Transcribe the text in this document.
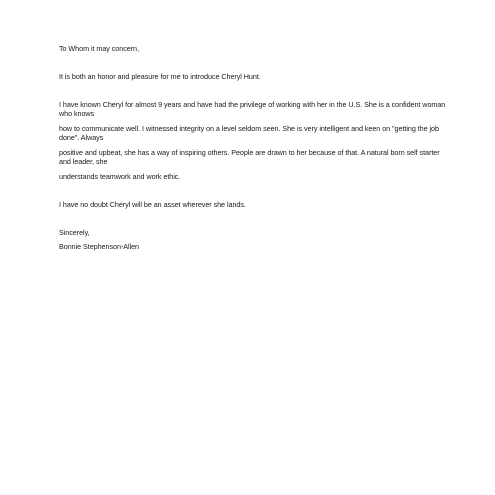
To Whom it may concern,
It is both an honor and pleasure for me to introduce Cheryl Hunt.
I have known Cheryl for almost 9 years and have had the privilege of working with her in the U.S. She is a confident woman who knows
how to communicate well. I witnessed integrity on a level seldom seen. She is very intelligent and keen on "getting the job done". Always
positive and upbeat, she has a way of inspiring others. People are drawn to her because of that. A natural born self starter and leader, she
understands teamwork and work ethic.
I have no doubt Cheryl will be an asset wherever she lands.
Sincerely,
Bonnie Stephenson-Allen
